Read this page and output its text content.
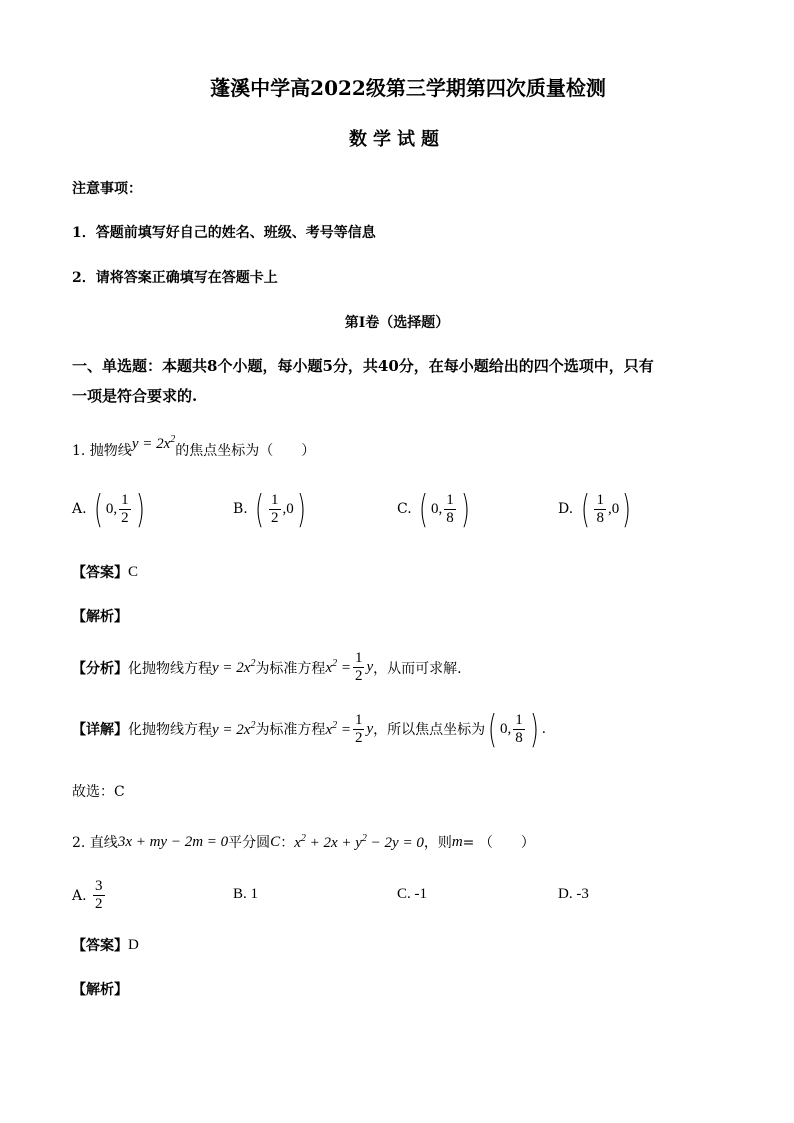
蓬溪中学高2022级第三学期第四次质量检测
数学试题
注意事项：
1．答题前填写好自己的姓名、班级、考号等信息
2．请将答案正确填写在答题卡上
第I卷（选择题）
一、单选题：本题共8个小题，每小题5分，共40分，在每小题给出的四个选项中，只有
一项是符合要求的.
1. 抛物线 $y = 2x^2$
的焦点坐标为（　　）
A.
( 0, $\frac{1}{2}$ )	B.
( $\frac{1}{2} ,0$ )	C.
( 0, $\frac{1}{8}$ )	D.
( $\frac{1}{8} ,0$ )
【答案】 C
【解析】
【分析】 化抛物线方程 $y = 2x^2$ 为标准方程 $x^2 = \frac{1}{2}$ y ，从而可求解.
【详解】 化抛物线方程 $y = 2x^2$ 为标准方程 $x^2 = \frac{1}{2}$ y ，所以焦点坐标为 ( 0, $\frac{1}{8}$ ) .
故选：C
2. 直线 3x + my − 2m = 0 平分圆 C ： $x^2 + 2x + y^2 - 2y = 0$ ，则 m = （　　）
A.
$\frac{3}{2}$	B.
1	C.
-1	D.
-3
【答案】 D
【解析】
